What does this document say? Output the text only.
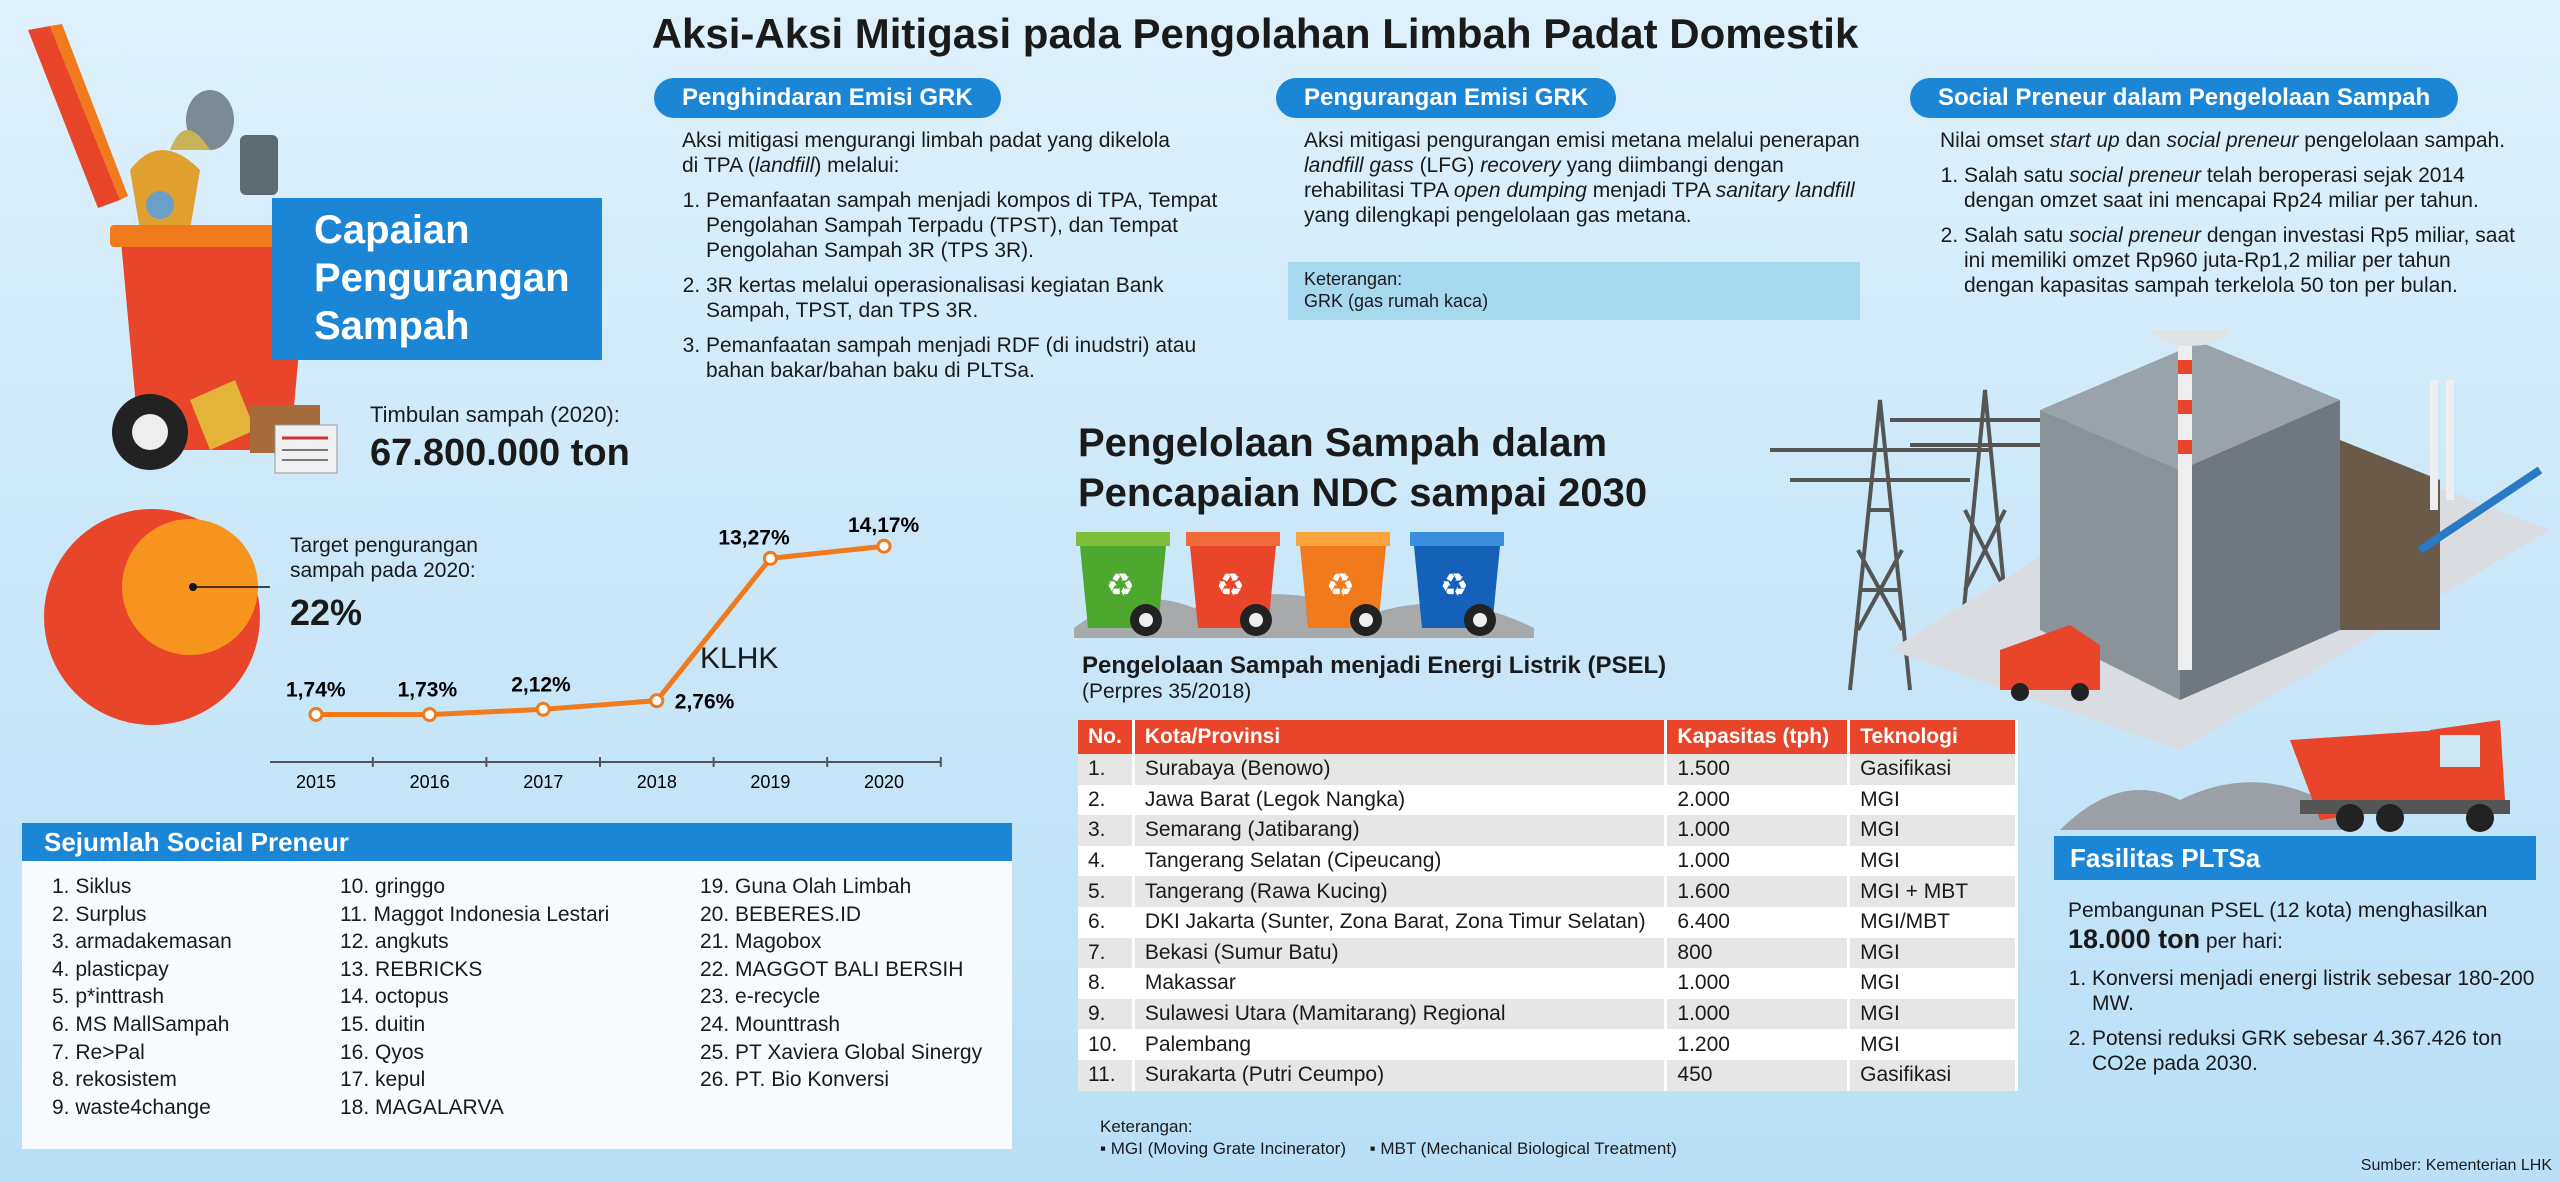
Aksi-Aksi Mitigasi pada Pengolahan Limbah Padat Domestik
Capaian
Pengurangan
Sampah
Timbulan sampah (2020):
67.800.000 ton
Target pengurangan
sampah pada 2020:
22%
1,74%
2015
1,73%
2016
2,12%
2017
2,76%
2018
13,27%
2019
14,17%
2020
KLHK
Penghindaran Emisi GRK
Aksi mitigasi mengurangi limbah padat yang dikelola
di TPA (landfill) melalui:
1. Pemanfaatan sampah menjadi kompos di TPA, Tempat Pengolahan Sampah Terpadu (TPST), dan Tempat Pengolahan Sampah 3R (TPS 3R).
2. 3R kertas melalui operasionalisasi kegiatan Bank Sampah, TPST, dan TPS 3R.
3. Pemanfaatan sampah menjadi RDF (di inudstri) atau bahan bakar/bahan baku di PLTSa.
Pengurangan Emisi GRK
Aksi mitigasi pengurangan emisi metana melalui penerapan landfill gass (LFG) recovery yang diimbangi dengan rehabilitasi TPA open dumping menjadi TPA sanitary landfill yang dilengkapi pengelolaan gas metana.
Keterangan:
GRK (gas rumah kaca)
Social Preneur dalam Pengelolaan Sampah
Nilai omset start up dan social preneur pengelolaan sampah.
1. Salah satu social preneur telah beroperasi sejak 2014 dengan omzet saat ini mencapai Rp24 miliar per tahun.
2. Salah satu social preneur dengan investasi Rp5 miliar, saat ini memiliki omzet Rp960 juta-Rp1,2 miliar per tahun dengan kapasitas sampah terkelola 50 ton per bulan.
Pengelolaan Sampah dalam
Pencapaian NDC sampai 2030
♻	♻	♻	♻
Pengelolaan Sampah menjadi Energi Listrik (PSEL)
(Perpres 35/2018)
No.	Kota/Provinsi	Kapasitas (tph)	Teknologi
1.	Surabaya (Benowo)	1.500	Gasifikasi
2.	Jawa Barat (Legok Nangka)	2.000	MGI
3.	Semarang (Jatibarang)	1.000	MGI
4.	Tangerang Selatan (Cipeucang)	1.000	MGI
5.	Tangerang (Rawa Kucing)	1.600	MGI + MBT
6.	DKI Jakarta (Sunter, Zona Barat, Zona Timur Selatan)	6.400	MGI/MBT
7.	Bekasi (Sumur Batu)	800	MGI
8.	Makassar	1.000	MGI
9.	Sulawesi Utara (Mamitarang) Regional	1.000	MGI
10.	Palembang	1.200	MGI
11.	Surakarta (Putri Ceumpo)	450	Gasifikasi
Keterangan:
▪ MGI (Moving Grate Incinerator)     ▪ MBT (Mechanical Biological Treatment)
Sejumlah Social Preneur
1. Siklus
2. Surplus
3. armadakemasan
4. plasticpay
5. p*inttrash
6. MS MallSampah
7. Re>Pal
8. rekosistem
9. waste4change
10. gringgo
11. Maggot Indonesia Lestari
12. angkuts
13. REBRICKS
14. octopus
15. duitin
16. Qyos
17. kepul
18. MAGALARVA
19. Guna Olah Limbah
20. BEBERES.ID
21. Magobox
22. MAGGOT BALI BERSIH
23. e-recycle
24. Mounttrash
25. PT Xaviera Global Sinergy
26. PT. Bio Konversi
Fasilitas PLTSa
Pembangunan PSEL (12 kota) menghasilkan
18.000 ton per hari:
1. Konversi menjadi energi listrik sebesar 180-200 MW.
2. Potensi reduksi GRK sebesar 4.367.426 ton CO2e pada 2030.
Sumber: Kementerian LHK
